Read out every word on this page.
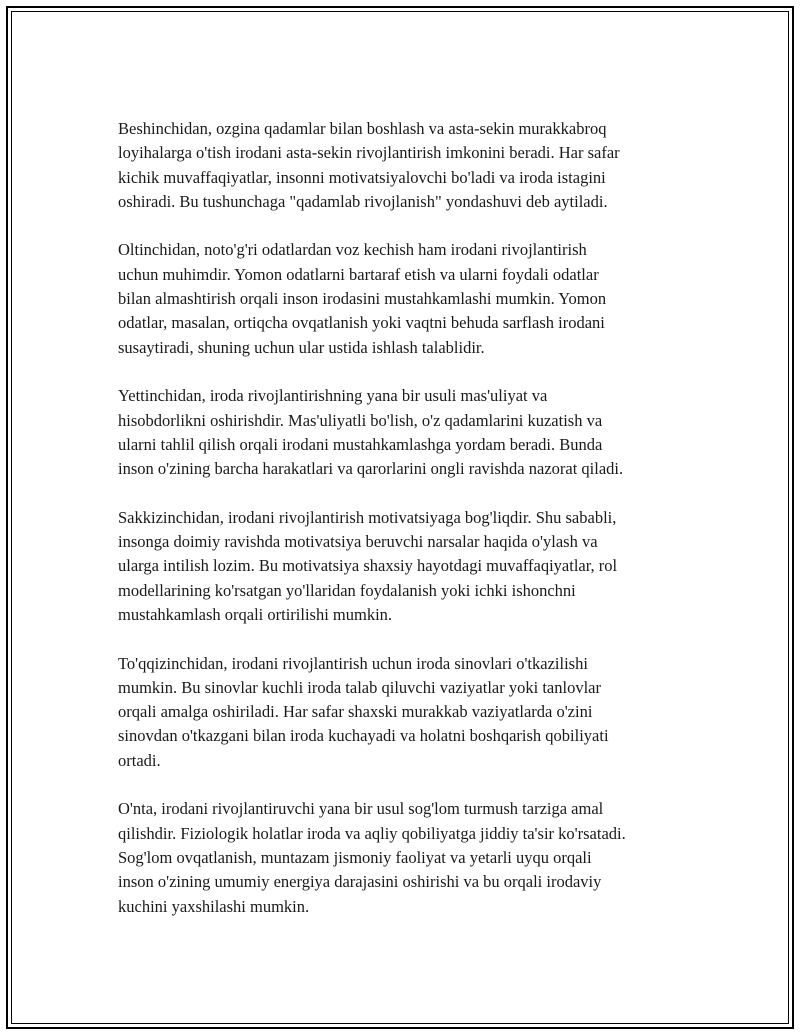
Beshinchidan, ozgina qadamlar bilan boshlash va asta-sekin murakkabroq
loyihalarga o'tish irodani asta-sekin rivojlantirish imkonini beradi. Har safar
kichik muvaffaqiyatlar, insonni motivatsiyalovchi bo'ladi va iroda istagini
oshiradi. Bu tushunchaga "qadamlab rivojlanish" yondashuvi deb aytiladi.

Oltinchidan, noto'g'ri odatlardan voz kechish ham irodani rivojlantirish
uchun muhimdir. Yomon odatlarni bartaraf etish va ularni foydali odatlar
bilan almashtirish orqali inson irodasini mustahkamlashi mumkin. Yomon
odatlar, masalan, ortiqcha ovqatlanish yoki vaqtni behuda sarflash irodani
susaytiradi, shuning uchun ular ustida ishlash talablidir.

Yettinchidan, iroda rivojlantirishning yana bir usuli mas'uliyat va
hisobdorlikni oshirishdir. Mas'uliyatli bo'lish, o'z qadamlarini kuzatish va
ularni tahlil qilish orqali irodani mustahkamlashga yordam beradi. Bunda
inson o'zining barcha harakatlari va qarorlarini ongli ravishda nazorat qiladi.

Sakkizinchidan, irodani rivojlantirish motivatsiyaga bog'liqdir. Shu sababli,
insonga doimiy ravishda motivatsiya beruvchi narsalar haqida o'ylash va
ularga intilish lozim. Bu motivatsiya shaxsiy hayotdagi muvaffaqiyatlar, rol
modellarining ko'rsatgan yo'llaridan foydalanish yoki ichki ishonchni
mustahkamlash orqali ortirilishi mumkin.

To'qqizinchidan, irodani rivojlantirish uchun iroda sinovlari o'tkazilishi
mumkin. Bu sinovlar kuchli iroda talab qiluvchi vaziyatlar yoki tanlovlar
orqali amalga oshiriladi. Har safar shaxski murakkab vaziyatlarda o'zini
sinovdan o'tkazgani bilan iroda kuchayadi va holatni boshqarish qobiliyati
ortadi.

O'nta, irodani rivojlantiruvchi yana bir usul sog'lom turmush tarziga amal
qilishdir. Fiziologik holatlar iroda va aqliy qobiliyatga jiddiy ta'sir ko'rsatadi.
Sog'lom ovqatlanish, muntazam jismoniy faoliyat va yetarli uyqu orqali
inson o'zining umumiy energiya darajasini oshirishi va bu orqali irodaviy
kuchini yaxshilashi mumkin.
